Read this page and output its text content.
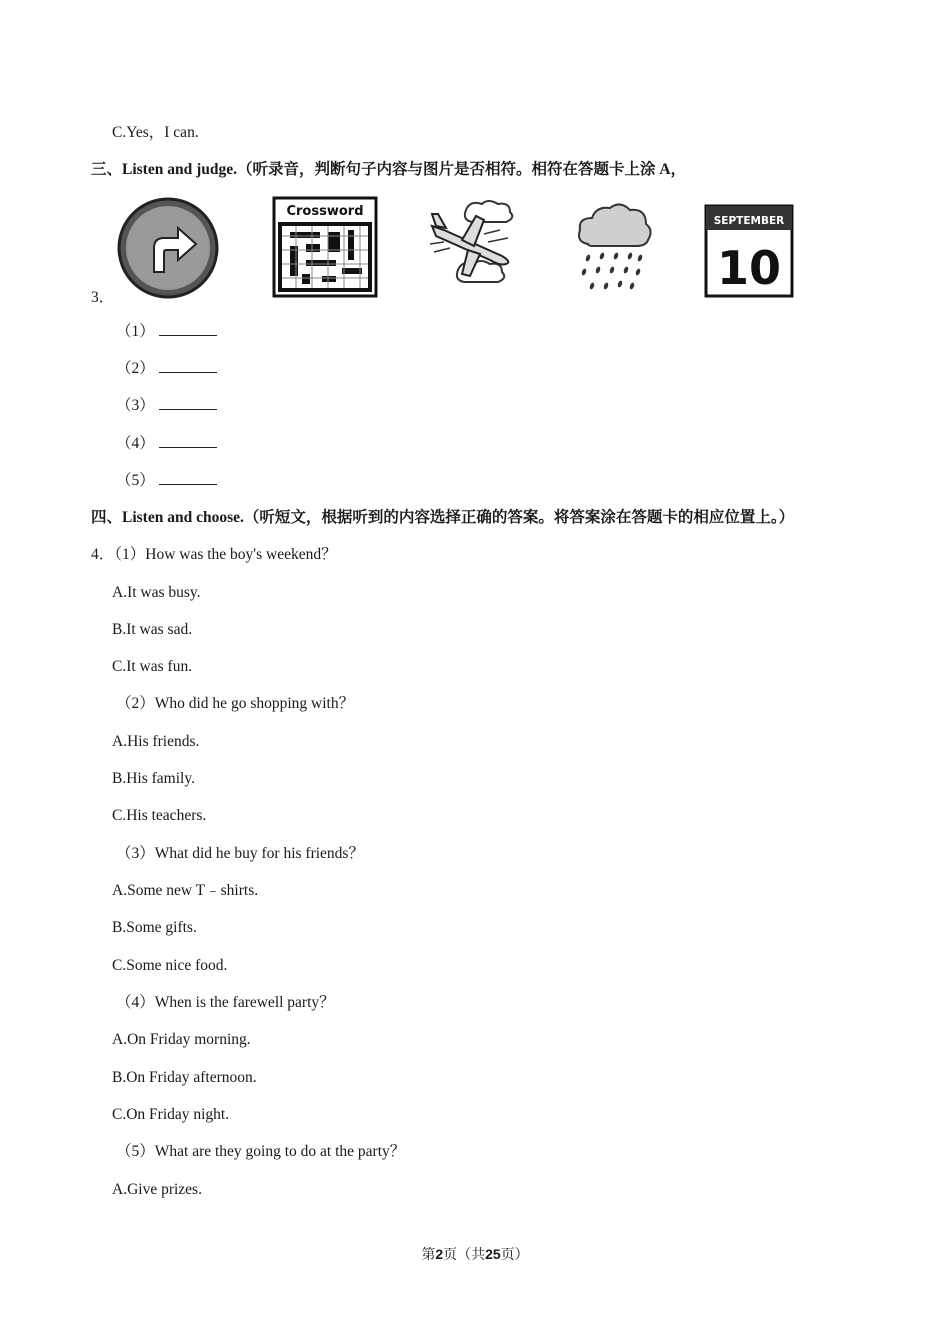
C.Yes，I can.
三、Listen and judge.（听录音，判断句子内容与图片是否相符。相符在答题卡上涂 A，
Crossword
SEPTEMBER
10
3．
（1）
（2）
（3）
（4）
（5）
四、Listen and choose.（听短文，根据听到的内容选择正确的答案。将答案涂在答题卡的相应位置上。）
4．（1）How was the boy's weekend？
A.It was busy.
B.It was sad.
C.It was fun.
（2）Who did he go shopping with？
A.His friends.
B.His family.
C.His teachers.
（3）What did he buy for his friends？
A.Some new T﹣shirts.
B.Some gifts.
C.Some nice food.
（4）When is the farewell party？
A.On Friday morning.
B.On Friday afternoon.
C.On Friday night.
（5）What are they going to do at the party？
A.Give prizes.
第2页（共25页）
